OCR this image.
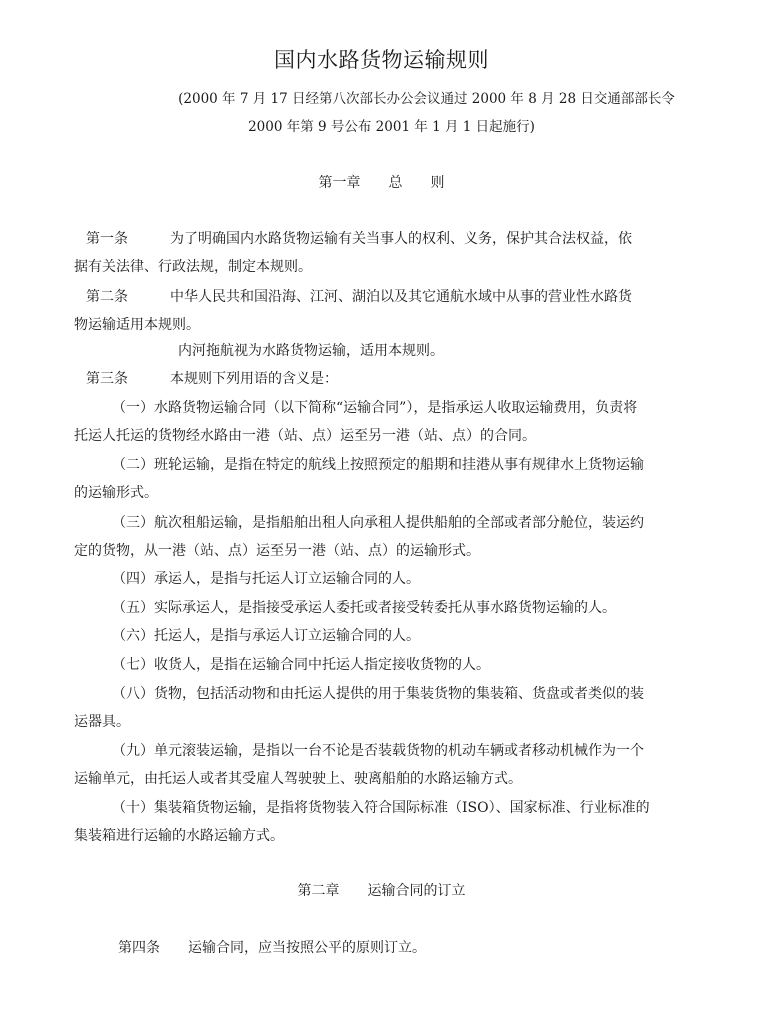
国内水路货物运输规则
(2000 年 7 月 17 日经第八次部长办公会议通过 2000 年 8 月 28 日交通部部长令
2000 年第 9 号公布 2001 年 1 月 1 日起施行)
第一章　　总　　则
第一条　　　为了明确国内水路货物运输有关当事人的权利、义务，保护其合法权益，依
据有关法律、行政法规，制定本规则。
第二条　　　中华人民共和国沿海、江河、湖泊以及其它通航水域中从事的营业性水路货
物运输适用本规则。
内河拖航视为水路货物运输，适用本规则。
第三条　　　本规则下列用语的含义是：
（一）水路货物运输合同（以下简称“运输合同”），是指承运人收取运输费用，负责将
托运人托运的货物经水路由一港（站、点）运至另一港（站、点）的合同。
（二）班轮运输，是指在特定的航线上按照预定的船期和挂港从事有规律水上货物运输
的运输形式。
（三）航次租船运输，是指船舶出租人向承租人提供船舶的全部或者部分舱位，装运约
定的货物，从一港（站、点）运至另一港（站、点）的运输形式。
（四）承运人，是指与托运人订立运输合同的人。
（五）实际承运人，是指接受承运人委托或者接受转委托从事水路货物运输的人。
（六）托运人，是指与承运人订立运输合同的人。
（七）收货人，是指在运输合同中托运人指定接收货物的人。
（八）货物，包括活动物和由托运人提供的用于集装货物的集装箱、货盘或者类似的装
运器具。
（九）单元滚装运输，是指以一台不论是否装载货物的机动车辆或者移动机械作为一个
运输单元，由托运人或者其受雇人驾驶驶上、驶离船舶的水路运输方式。
（十）集装箱货物运输，是指将货物装入符合国际标准（ISO）、国家标准、行业标准的
集装箱进行运输的水路运输方式。
第二章　　运输合同的订立
第四条　　运输合同，应当按照公平的原则订立。
